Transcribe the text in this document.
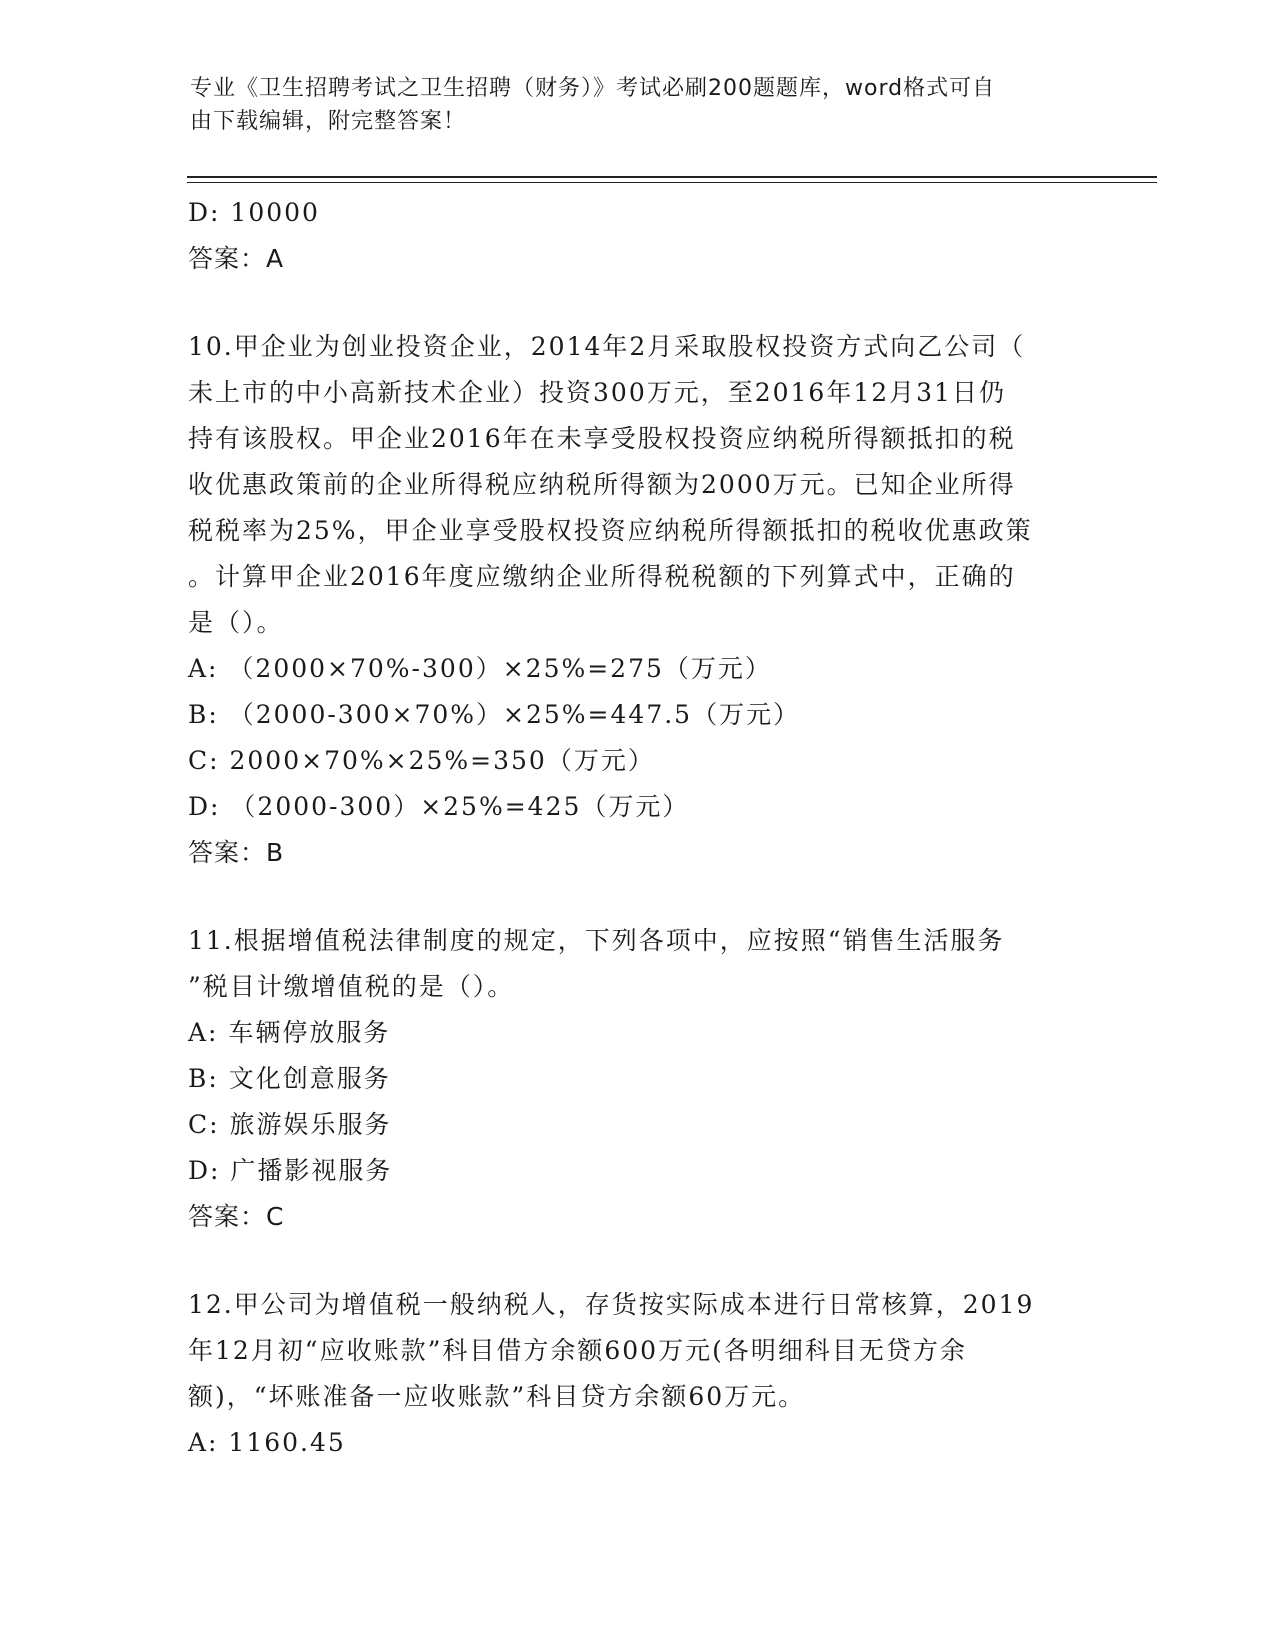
专业《卫生招聘考试之卫生招聘（财务）》考试必刷200题题库，word格式可自
由下载编辑，附完整答案！
D: 10000
答案：A
10.甲企业为创业投资企业，2014年2月采取股权投资方式向乙公司（
未上市的中小高新技术企业）投资300万元，至2016年12月31日仍
持有该股权。甲企业2016年在未享受股权投资应纳税所得额抵扣的税
收优惠政策前的企业所得税应纳税所得额为2000万元。已知企业所得
税税率为25%，甲企业享受股权投资应纳税所得额抵扣的税收优惠政策
。计算甲企业2016年度应缴纳企业所得税税额的下列算式中，正确的
是（）。
A: （2000×70%-300）×25%=275（万元）
B: （2000-300×70%）×25%=447.5（万元）
C: 2000×70%×25%=350（万元）
D: （2000-300）×25%=425（万元）
答案：B
11.根据增值税法律制度的规定，下列各项中，应按照“销售生活服务
”税目计缴增值税的是（）。
A: 车辆停放服务
B: 文化创意服务
C: 旅游娱乐服务
D: 广播影视服务
答案：C
12.甲公司为增值税一般纳税人，存货按实际成本进行日常核算，2019
年12月初“应收账款”科目借方余额600万元(各明细科目无贷方余
额)，“坏账准备一应收账款”科目贷方余额60万元。
A: 1160.45
